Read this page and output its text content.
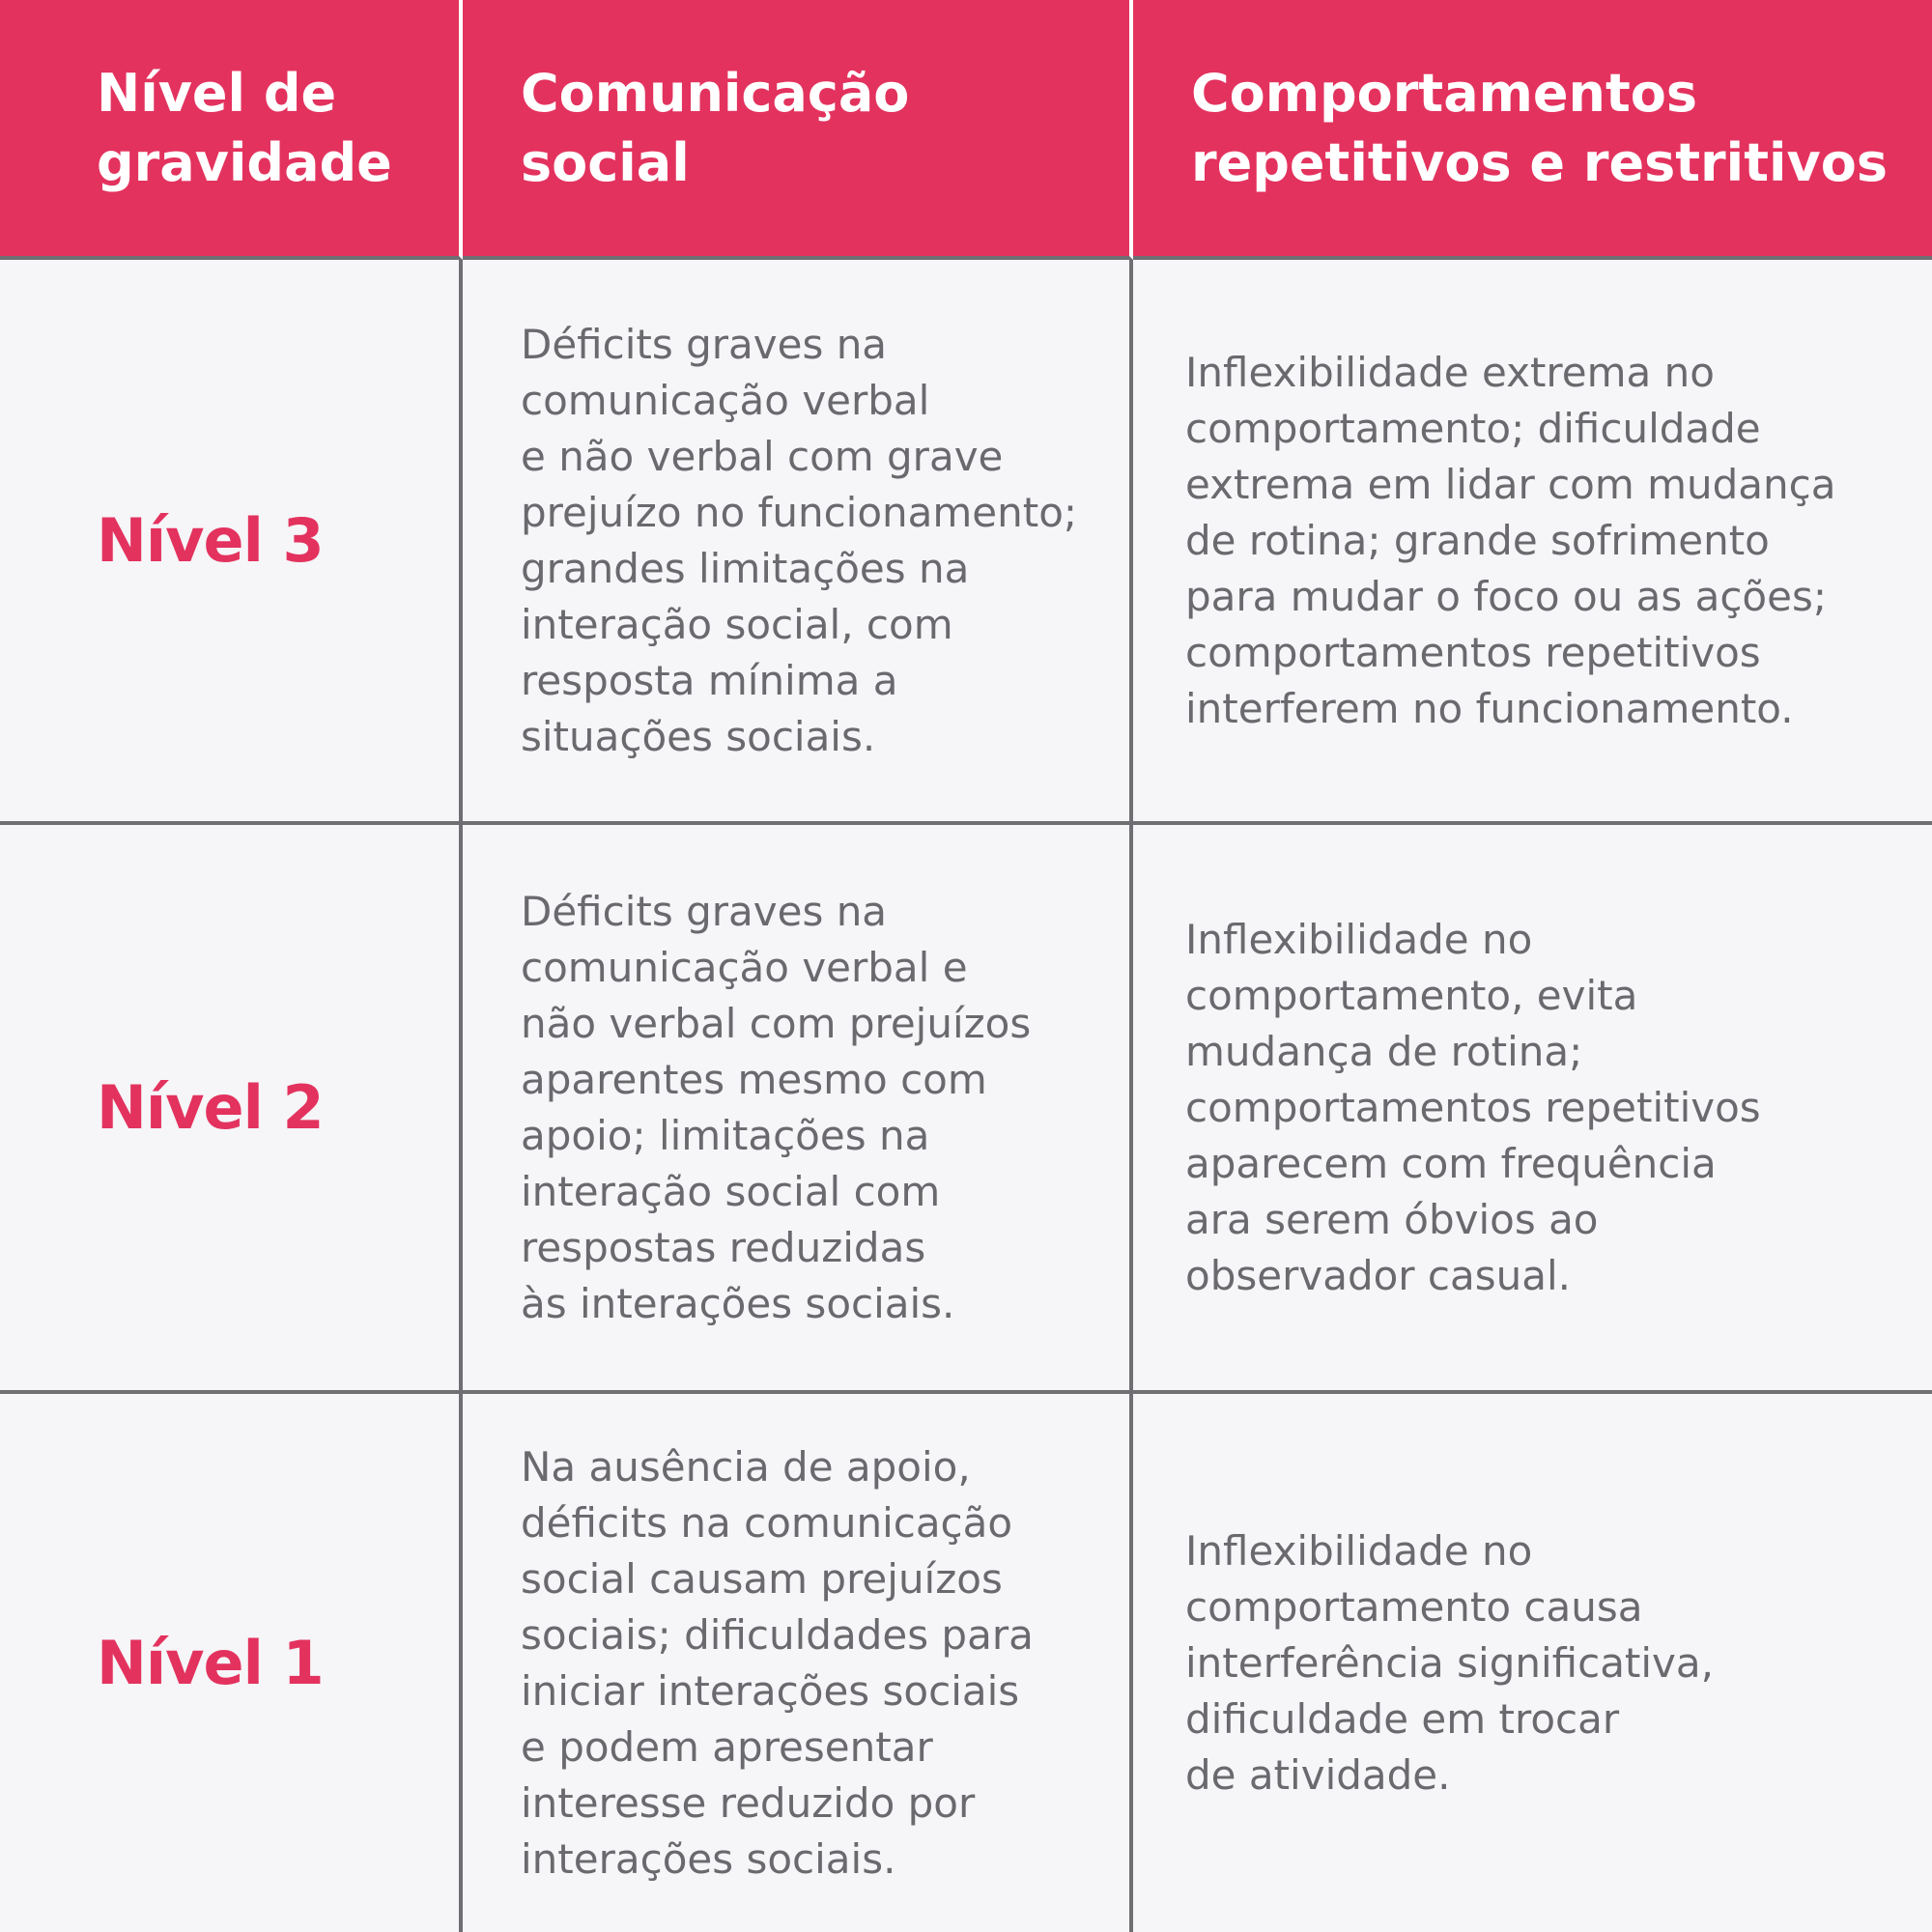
Nível de
gravidade
Comunicação
social
Comportamentos
repetitivos e restritivos
Nível 3
Déficits graves na
comunicação verbal
e não verbal com grave
prejuízo no funcionamento;
grandes limitações na
interação social, com
resposta mínima a
situações sociais.
Inflexibilidade extrema no
comportamento; dificuldade
extrema em lidar com mudança
de rotina; grande sofrimento
para mudar o foco ou as ações;
comportamentos repetitivos
interferem no funcionamento.
Nível 2
Déficits graves na
comunicação verbal e
não verbal com prejuízos
aparentes mesmo com
apoio; limitações na
interação social com
respostas reduzidas
às interações sociais.
Inflexibilidade no
comportamento, evita
mudança de rotina;
comportamentos repetitivos
aparecem com frequência
ara serem óbvios ao
observador casual.
Nível 1
Na ausência de apoio,
déficits na comunicação
social causam prejuízos
sociais; dificuldades para
iniciar interações sociais
e podem apresentar
interesse reduzido por
interações sociais.
Inflexibilidade no
comportamento causa
interferência significativa,
dificuldade em trocar
de atividade.
